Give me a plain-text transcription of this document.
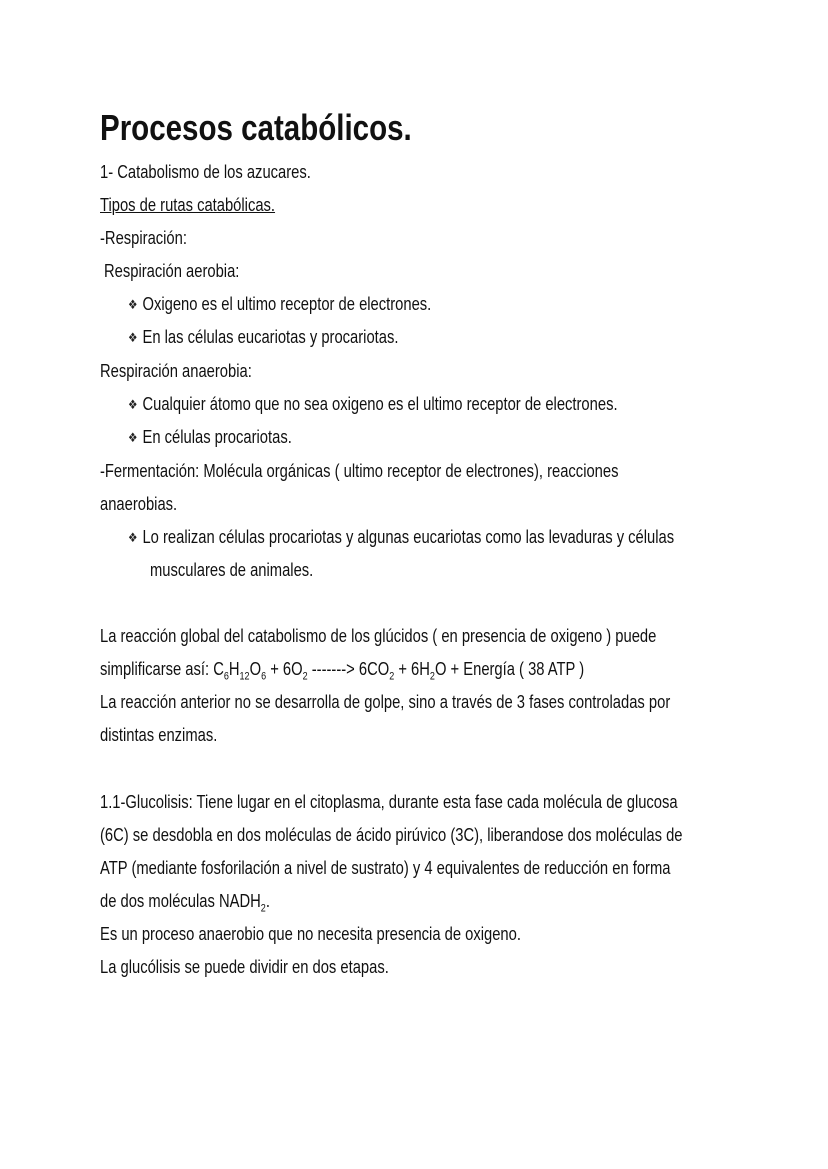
Procesos catabólicos.
1- Catabolismo de los azucares.
Tipos de rutas catabólicas.
-Respiración:
Respiración aerobia:
❖ Oxigeno es el ultimo receptor de electrones.
❖ En las células eucariotas y procariotas.
Respiración anaerobia:
❖ Cualquier átomo que no sea oxigeno es el ultimo receptor de electrones.
❖ En células procariotas.
-Fermentación: Molécula orgánicas ( ultimo receptor de electrones), reacciones
anaerobias.
❖ Lo realizan células procariotas y algunas eucariotas como las levaduras y células
musculares de animales.
La reacción global del catabolismo de los glúcidos ( en presencia de oxigeno ) puede
simplificarse así: $C_6H_{12}O_6 + 6O_2$ -------> $6CO_2 + 6H_2O$ + Energía ( 38 ATP )
La reacción anterior no se desarrolla de golpe, sino a través de 3 fases controladas por
distintas enzimas.
1.1-Glucolisis: Tiene lugar en el citoplasma, durante esta fase cada molécula de glucosa
(6C) se desdobla en dos moléculas de ácido pirúvico (3C), liberandose dos moléculas de
ATP (mediante fosforilación a nivel de sustrato) y 4 equivalentes de reducción en forma
de dos moléculas $NADH_2$.
Es un proceso anaerobio que no necesita presencia de oxigeno.
La glucólisis se puede dividir en dos etapas.
